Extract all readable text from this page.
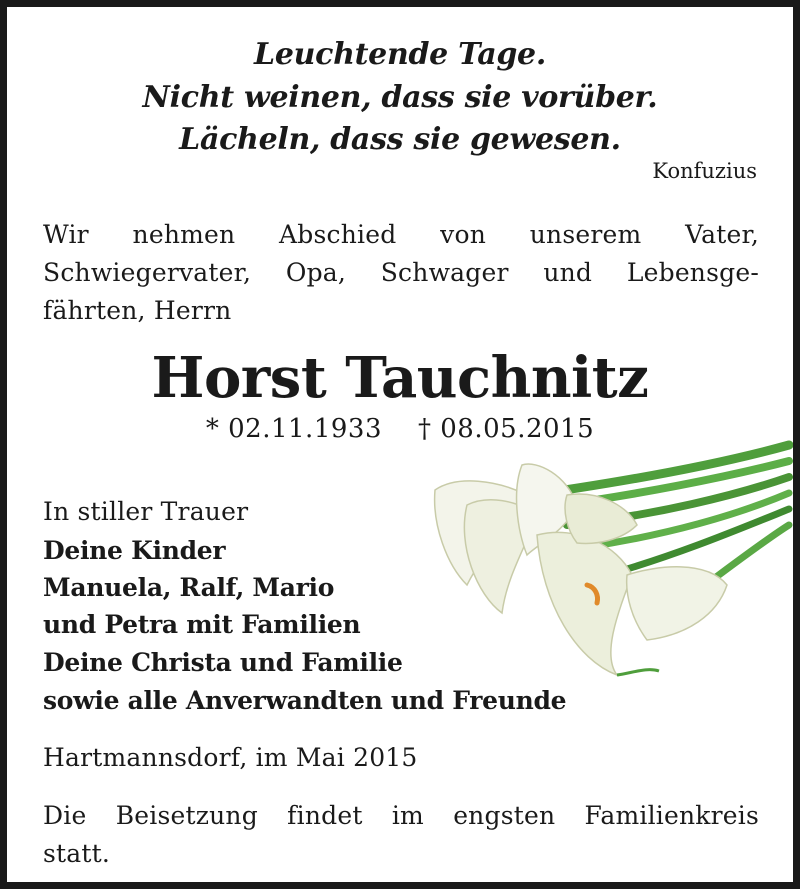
Leuchtende Tage.

Nicht weinen, dass sie vorüber.

Lächeln, dass sie gewesen.

Konfuzius

Wir nehmen Abschied von unserem Vater,

Schwiegervater, Opa, Schwager und Lebensge-

fährten, Herrn

Horst Tauchnitz

* 02.11.1933 † 08.05.2015

In stiller Trauer

Deine Kinder

Manuela, Ralf, Mario

und Petra mit Familien

Deine Christa und Familie

sowie alle Anverwandten und Freunde

Hartmannsdorf, im Mai 2015

Die Beisetzung findet im engsten Familienkreis

statt.
